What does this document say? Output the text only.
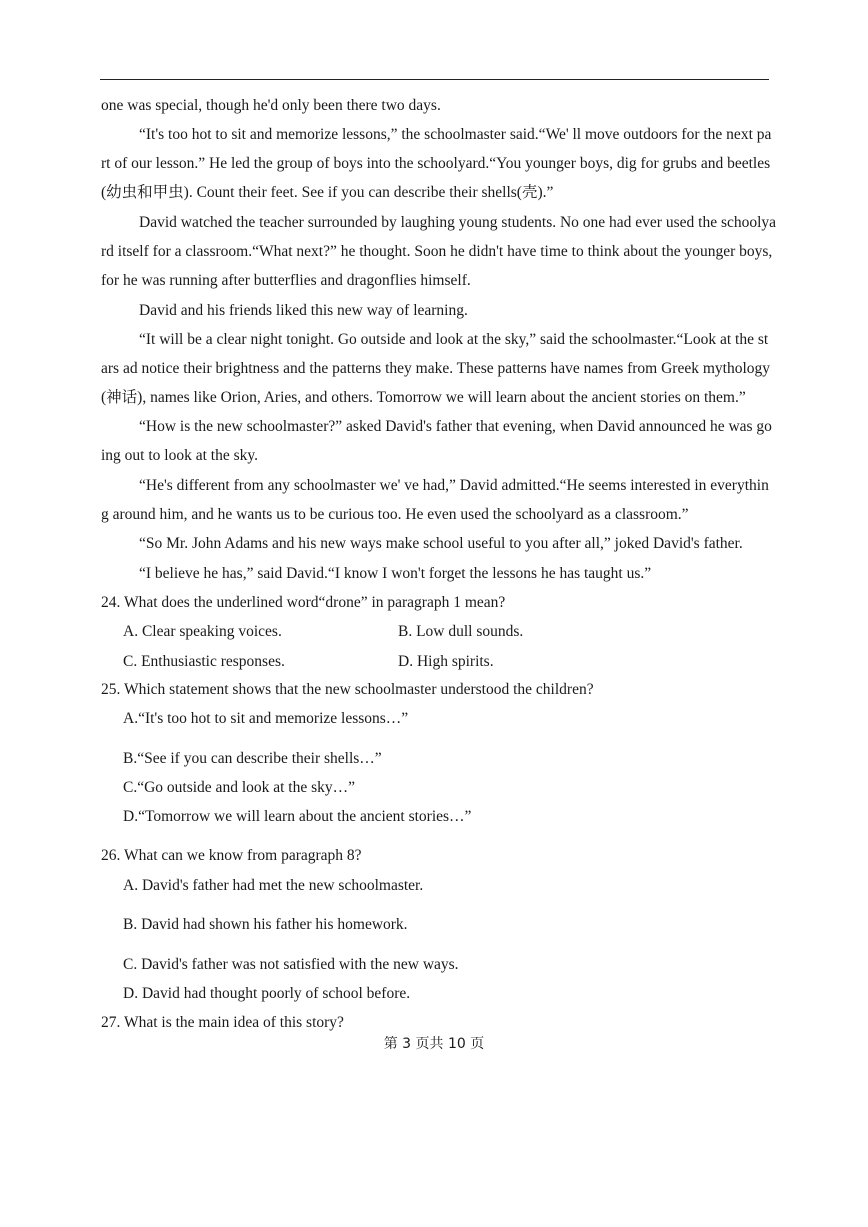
one was special, though he'd only been there two days.
“It's too hot to sit and memorize lessons,” the schoolmaster said.“We' ll move outdoors for the next pa
rt of our lesson.” He led the group of boys into the schoolyard.“You younger boys, dig for grubs and beetles
(幼虫和甲虫). Count their feet. See if you can describe their shells(壳).”
David watched the teacher surrounded by laughing young students. No one had ever used the schoolya
rd itself for a classroom.“What next?” he thought. Soon he didn't have time to think about the younger boys,
for he was running after butterflies and dragonflies himself.
David and his friends liked this new way of learning.
“It will be a clear night tonight. Go outside and look at the sky,” said the schoolmaster.“Look at the st
ars ad notice their brightness and the patterns they make. These patterns have names from Greek mythology
(神话), names like Orion, Aries, and others. Tomorrow we will learn about the ancient stories on them.”
“How is the new schoolmaster?” asked David's father that evening, when David announced he was go
ing out to look at the sky.
“He's different from any schoolmaster we' ve had,” David admitted.“He seems interested in everythin
g around him, and he wants us to be curious too. He even used the schoolyard as a classroom.”
“So Mr. John Adams and his new ways make school useful to you after all,” joked David's father.
“I believe he has,” said David.“I know I won't forget the lessons he has taught us.”
24. What does the underlined word“drone” in paragraph 1 mean?
A. Clear speaking voices.	B. Low dull sounds.
C. Enthusiastic responses.	D. High spirits.
25. Which statement shows that the new schoolmaster understood the children?
A.“It's too hot to sit and memorize lessons…”
B.“See if you can describe their shells…”
C.“Go outside and look at the sky…”
D.“Tomorrow we will learn about the ancient stories…”
26. What can we know from paragraph 8?
A. David's father had met the new schoolmaster.
B. David had shown his father his homework.
C. David's father was not satisfied with the new ways.
D. David had thought poorly of school before.
27. What is the main idea of this story?
第 3 页共 10 页
